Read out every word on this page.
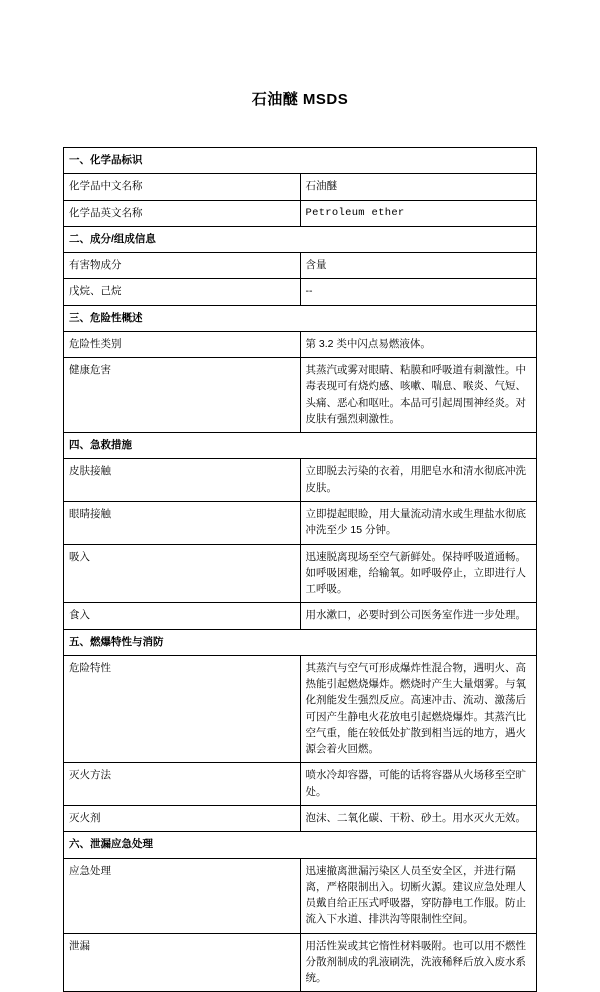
石油醚 MSDS
一、化学品标识	
化学品中文名称	石油醚
化学品英文名称	Petroleum ether
二、成分/组成信息	
有害物成分	含量
戊烷、己烷	--
三、危险性概述	
危险性类别	第 3.2 类中闪点易燃液体。
健康危害	其蒸汽或雾对眼睛、粘膜和呼吸道有刺激性。中毒表现可有烧灼感、咳嗽、喘息、喉炎、气短、头痛、恶心和呕吐。本品可引起周围神经炎。对皮肤有强烈刺激性。
四、急救措施	
皮肤接触	立即脱去污染的衣着，用肥皂水和清水彻底冲洗皮肤。
眼睛接触	立即提起眼睑，用大量流动清水或生理盐水彻底冲洗至少 15 分钟。
吸入	迅速脱离现场至空气新鲜处。保持呼吸道通畅。如呼吸困难，给输氧。如呼吸停止，立即进行人工呼吸。
食入	用水漱口，必要时到公司医务室作进一步处理。
五、燃爆特性与消防	
危险特性	其蒸汽与空气可形成爆炸性混合物，遇明火、高热能引起燃烧爆炸。燃烧时产生大量烟雾。与氧化剂能发生强烈反应。高速冲击、流动、激荡后可因产生静电火花放电引起燃烧爆炸。其蒸汽比空气重，能在较低处扩散到相当远的地方，遇火源会着火回燃。
灭火方法	喷水冷却容器，可能的话将容器从火场移至空旷处。
灭火剂	泡沫、二氧化碳、干粉、砂土。用水灭火无效。
六、泄漏应急处理	
应急处理	迅速撤离泄漏污染区人员至安全区，并进行隔离，严格限制出入。切断火源。建议应急处理人员戴自给正压式呼吸器，穿防静电工作服。防止流入下水道、排洪沟等限制性空间。
泄漏	用活性炭或其它惰性材料吸附。也可以用不燃性分散剂制成的乳液刷洗，洗液稀释后放入废水系统。
